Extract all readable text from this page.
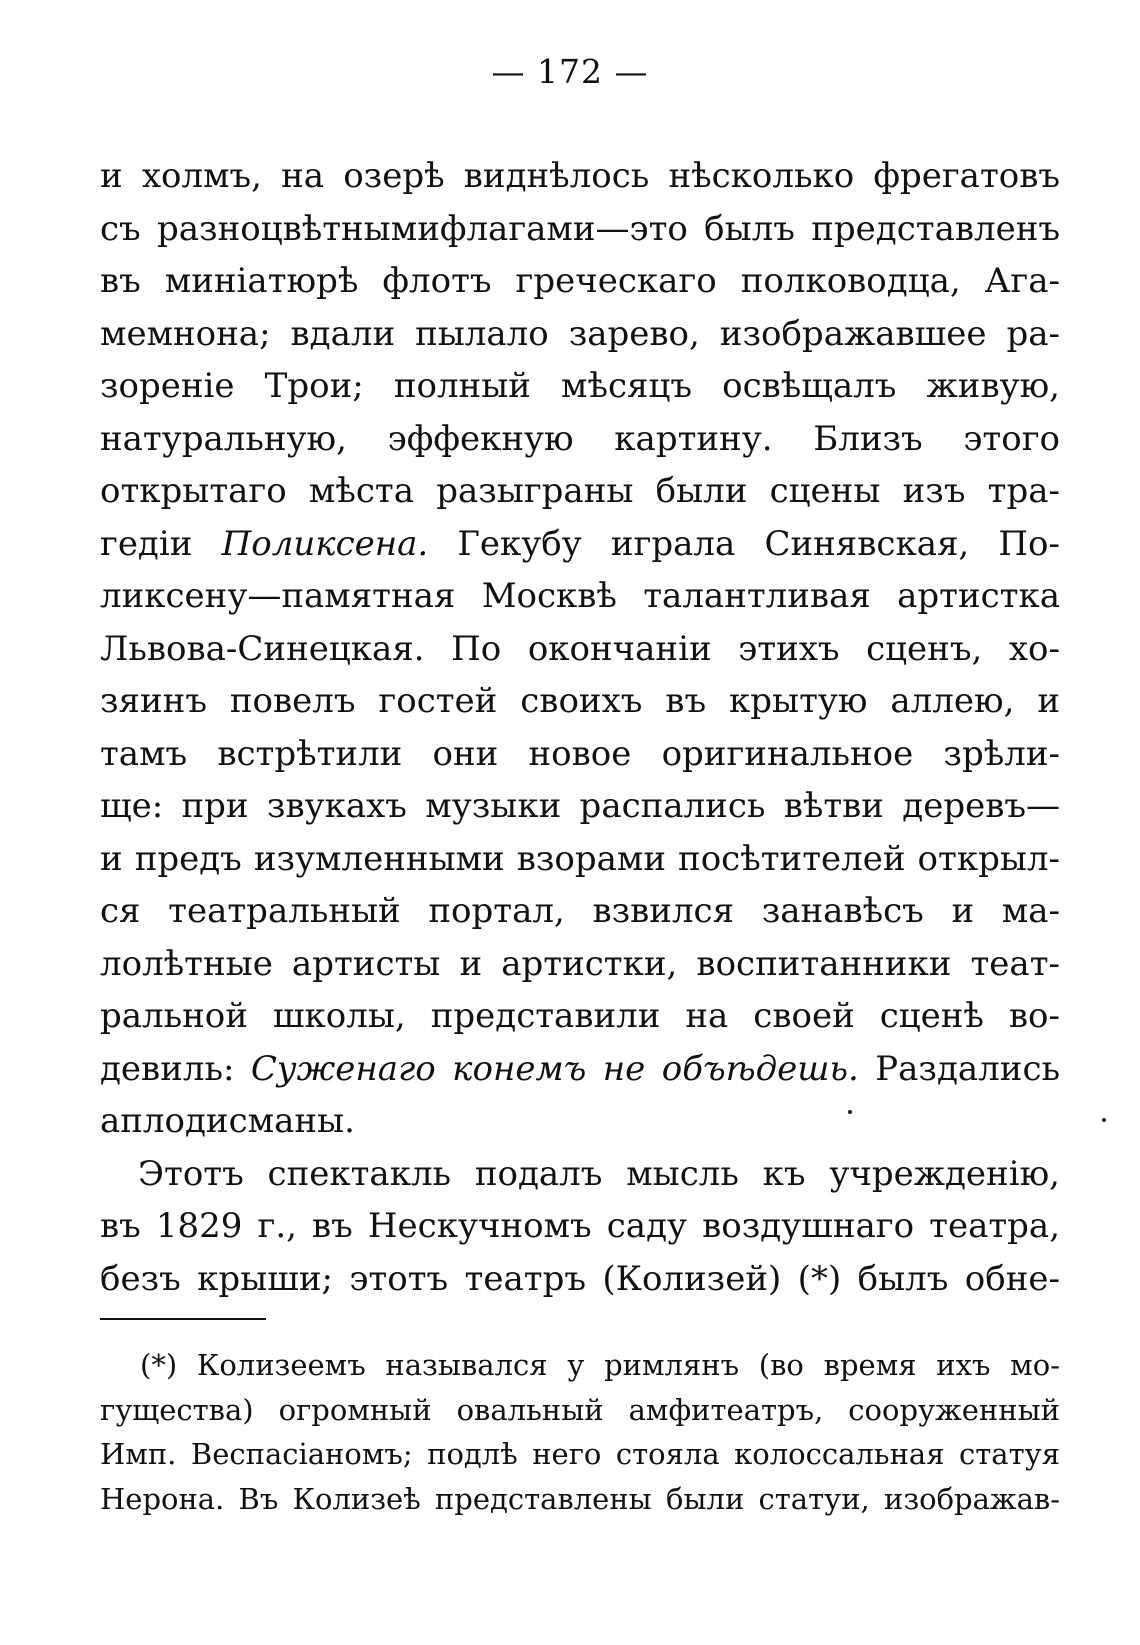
— 172 —
и холмъ, на озерѣ виднѣлось нѣсколько фрегатовъ
съ разноцвѣтнымифлагами—это былъ представленъ
въ миніатюрѣ флотъ греческаго полководца, Ага-
мемнона; вдали пылало зарево, изображавшее ра-
зореніе Трои; полный мѣсяцъ освѣщалъ живую,
натуральную, эффекную картину. Близъ этого
открытаго мѣста разыграны были сцены изъ тра-
гедіи Поликсена. Гекубу играла Синявская, По-
ликсену—памятная Москвѣ талантливая артистка
Львова-Синецкая. По окончаніи этихъ сценъ, хо-
зяинъ повелъ гостей своихъ въ крытую аллею, и
тамъ встрѣтили они новое оригинальное зрѣли-
ще: при звукахъ музыки распались вѣтви деревъ—
и предъ изумленными взорами посѣтителей открыл-
ся театральный портал, взвился занавѣсъ и ма-
лолѣтные артисты и артистки, воспитанники теат-
ральной школы, представили на своей сценѣ во-
девиль: Суженаго конемъ не объѣдешь. Раздались
аплодисманы.
Этотъ спектакль подалъ мысль къ учрежденію,
въ 1829 г., въ Нескучномъ саду воздушнаго театра,
безъ крыши; этотъ театръ (Колизей) (*) былъ обне-
(*) Колизеемъ назывался у римлянъ (во время ихъ мо-
гущества) огромный овальный амфитеатръ, сооруженный
Имп. Веспасіаномъ; подлѣ него стояла колоссальная статуя
Нерона. Въ Колизеѣ представлены были статуи, изображав-
